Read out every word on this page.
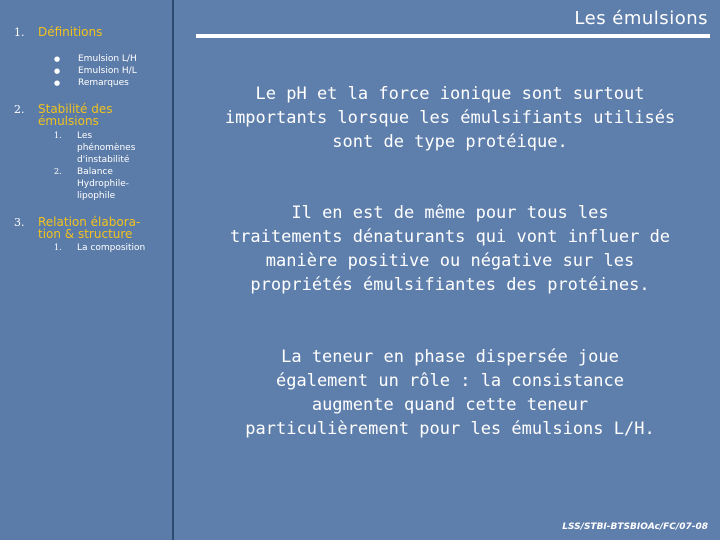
1. Définitions
● Emulsion L/H
● Emulsion H/L
● Remarques
2. Stabilité des
émulsions
1. Les
phénomènes
d'instabilité
2. Balance
Hydrophile-
lipophile
3. Relation élabora-
tion & structure
1. La composition
Les émulsions
Le pH et la force ionique sont surtout
importants lorsque les émulsifiants utilisés
sont de type protéique.
Il en est de même pour tous les
traitements dénaturants qui vont influer de
manière positive ou négative sur les
propriétés émulsifiantes des protéines.
La teneur en phase dispersée joue
également un rôle : la consistance
augmente quand cette teneur
particulièrement pour les émulsions L/H.
LSS/STBI-BTSBIOAc/FC/07-08
